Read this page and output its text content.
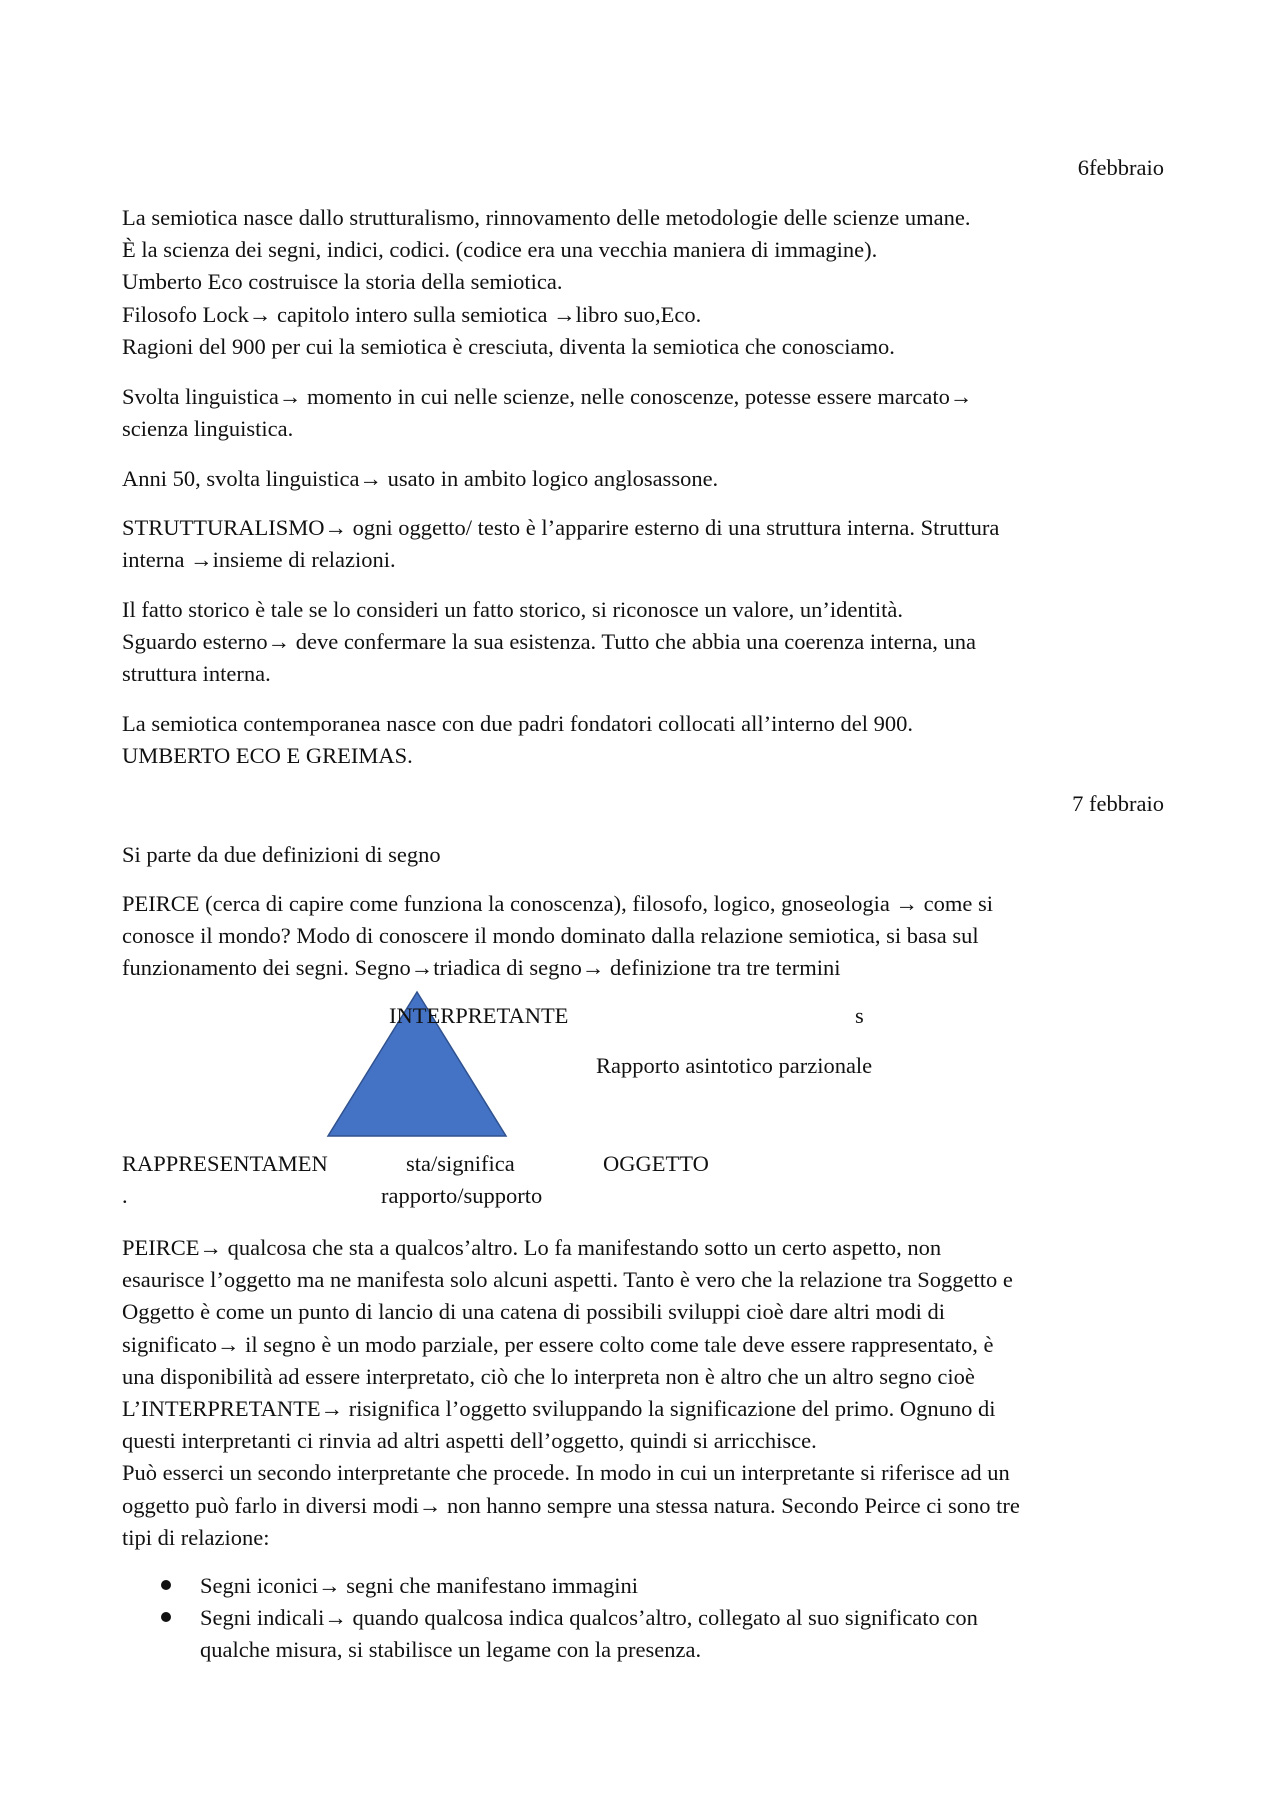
6febbraio
La semiotica nasce dallo strutturalismo, rinnovamento delle metodologie delle scienze umane.
È la scienza dei segni, indici, codici. (codice era una vecchia maniera di immagine).
Umberto Eco costruisce la storia della semiotica.
Filosofo Lock→ capitolo intero sulla semiotica →libro suo,Eco.
Ragioni del 900 per cui la semiotica è cresciuta, diventa la semiotica che conosciamo.
Svolta linguistica→ momento in cui nelle scienze, nelle conoscenze, potesse essere marcato→
scienza linguistica.
Anni 50, svolta linguistica→ usato in ambito logico anglosassone.
STRUTTURALISMO→ ogni oggetto/ testo è l’apparire esterno di una struttura interna. Struttura
interna →insieme di relazioni.
Il fatto storico è tale se lo consideri un fatto storico, si riconosce un valore, un’identità.
Sguardo esterno→ deve confermare la sua esistenza. Tutto che abbia una coerenza interna, una
struttura interna.
La semiotica contemporanea nasce con due padri fondatori collocati all’interno del 900.
UMBERTO ECO E GREIMAS.
7 febbraio
Si parte da due definizioni di segno
PEIRCE (cerca di capire come funziona la conoscenza), filosofo, logico, gnoseologia → come si
conosce il mondo? Modo di conoscere il mondo dominato dalla relazione semiotica, si basa sul
funzionamento dei segni. Segno→triadica di segno→ definizione tra tre termini
INTERPRETANTE	s
Rapporto asintotico parzionale
RAPPRESENTAMEN
.
sta/significa
rapporto/supporto
OGGETTO
PEIRCE→ qualcosa che sta a qualcos’altro. Lo fa manifestando sotto un certo aspetto, non
esaurisce l’oggetto ma ne manifesta solo alcuni aspetti. Tanto è vero che la relazione tra Soggetto e
Oggetto è come un punto di lancio di una catena di possibili sviluppi cioè dare altri modi di
significato→ il segno è un modo parziale, per essere colto come tale deve essere rappresentato, è
una disponibilità ad essere interpretato, ciò che lo interpreta non è altro che un altro segno cioè
L’INTERPRETANTE→ risignifica l’oggetto sviluppando la significazione del primo. Ognuno di
questi interpretanti ci rinvia ad altri aspetti dell’oggetto, quindi si arricchisce.
Può esserci un secondo interpretante che procede. In modo in cui un interpretante si riferisce ad un
oggetto può farlo in diversi modi→ non hanno sempre una stessa natura. Secondo Peirce ci sono tre
tipi di relazione:
Segni iconici→ segni che manifestano immagini
Segni indicali→ quando qualcosa indica qualcos’altro, collegato al suo significato con
qualche misura, si stabilisce un legame con la presenza.
